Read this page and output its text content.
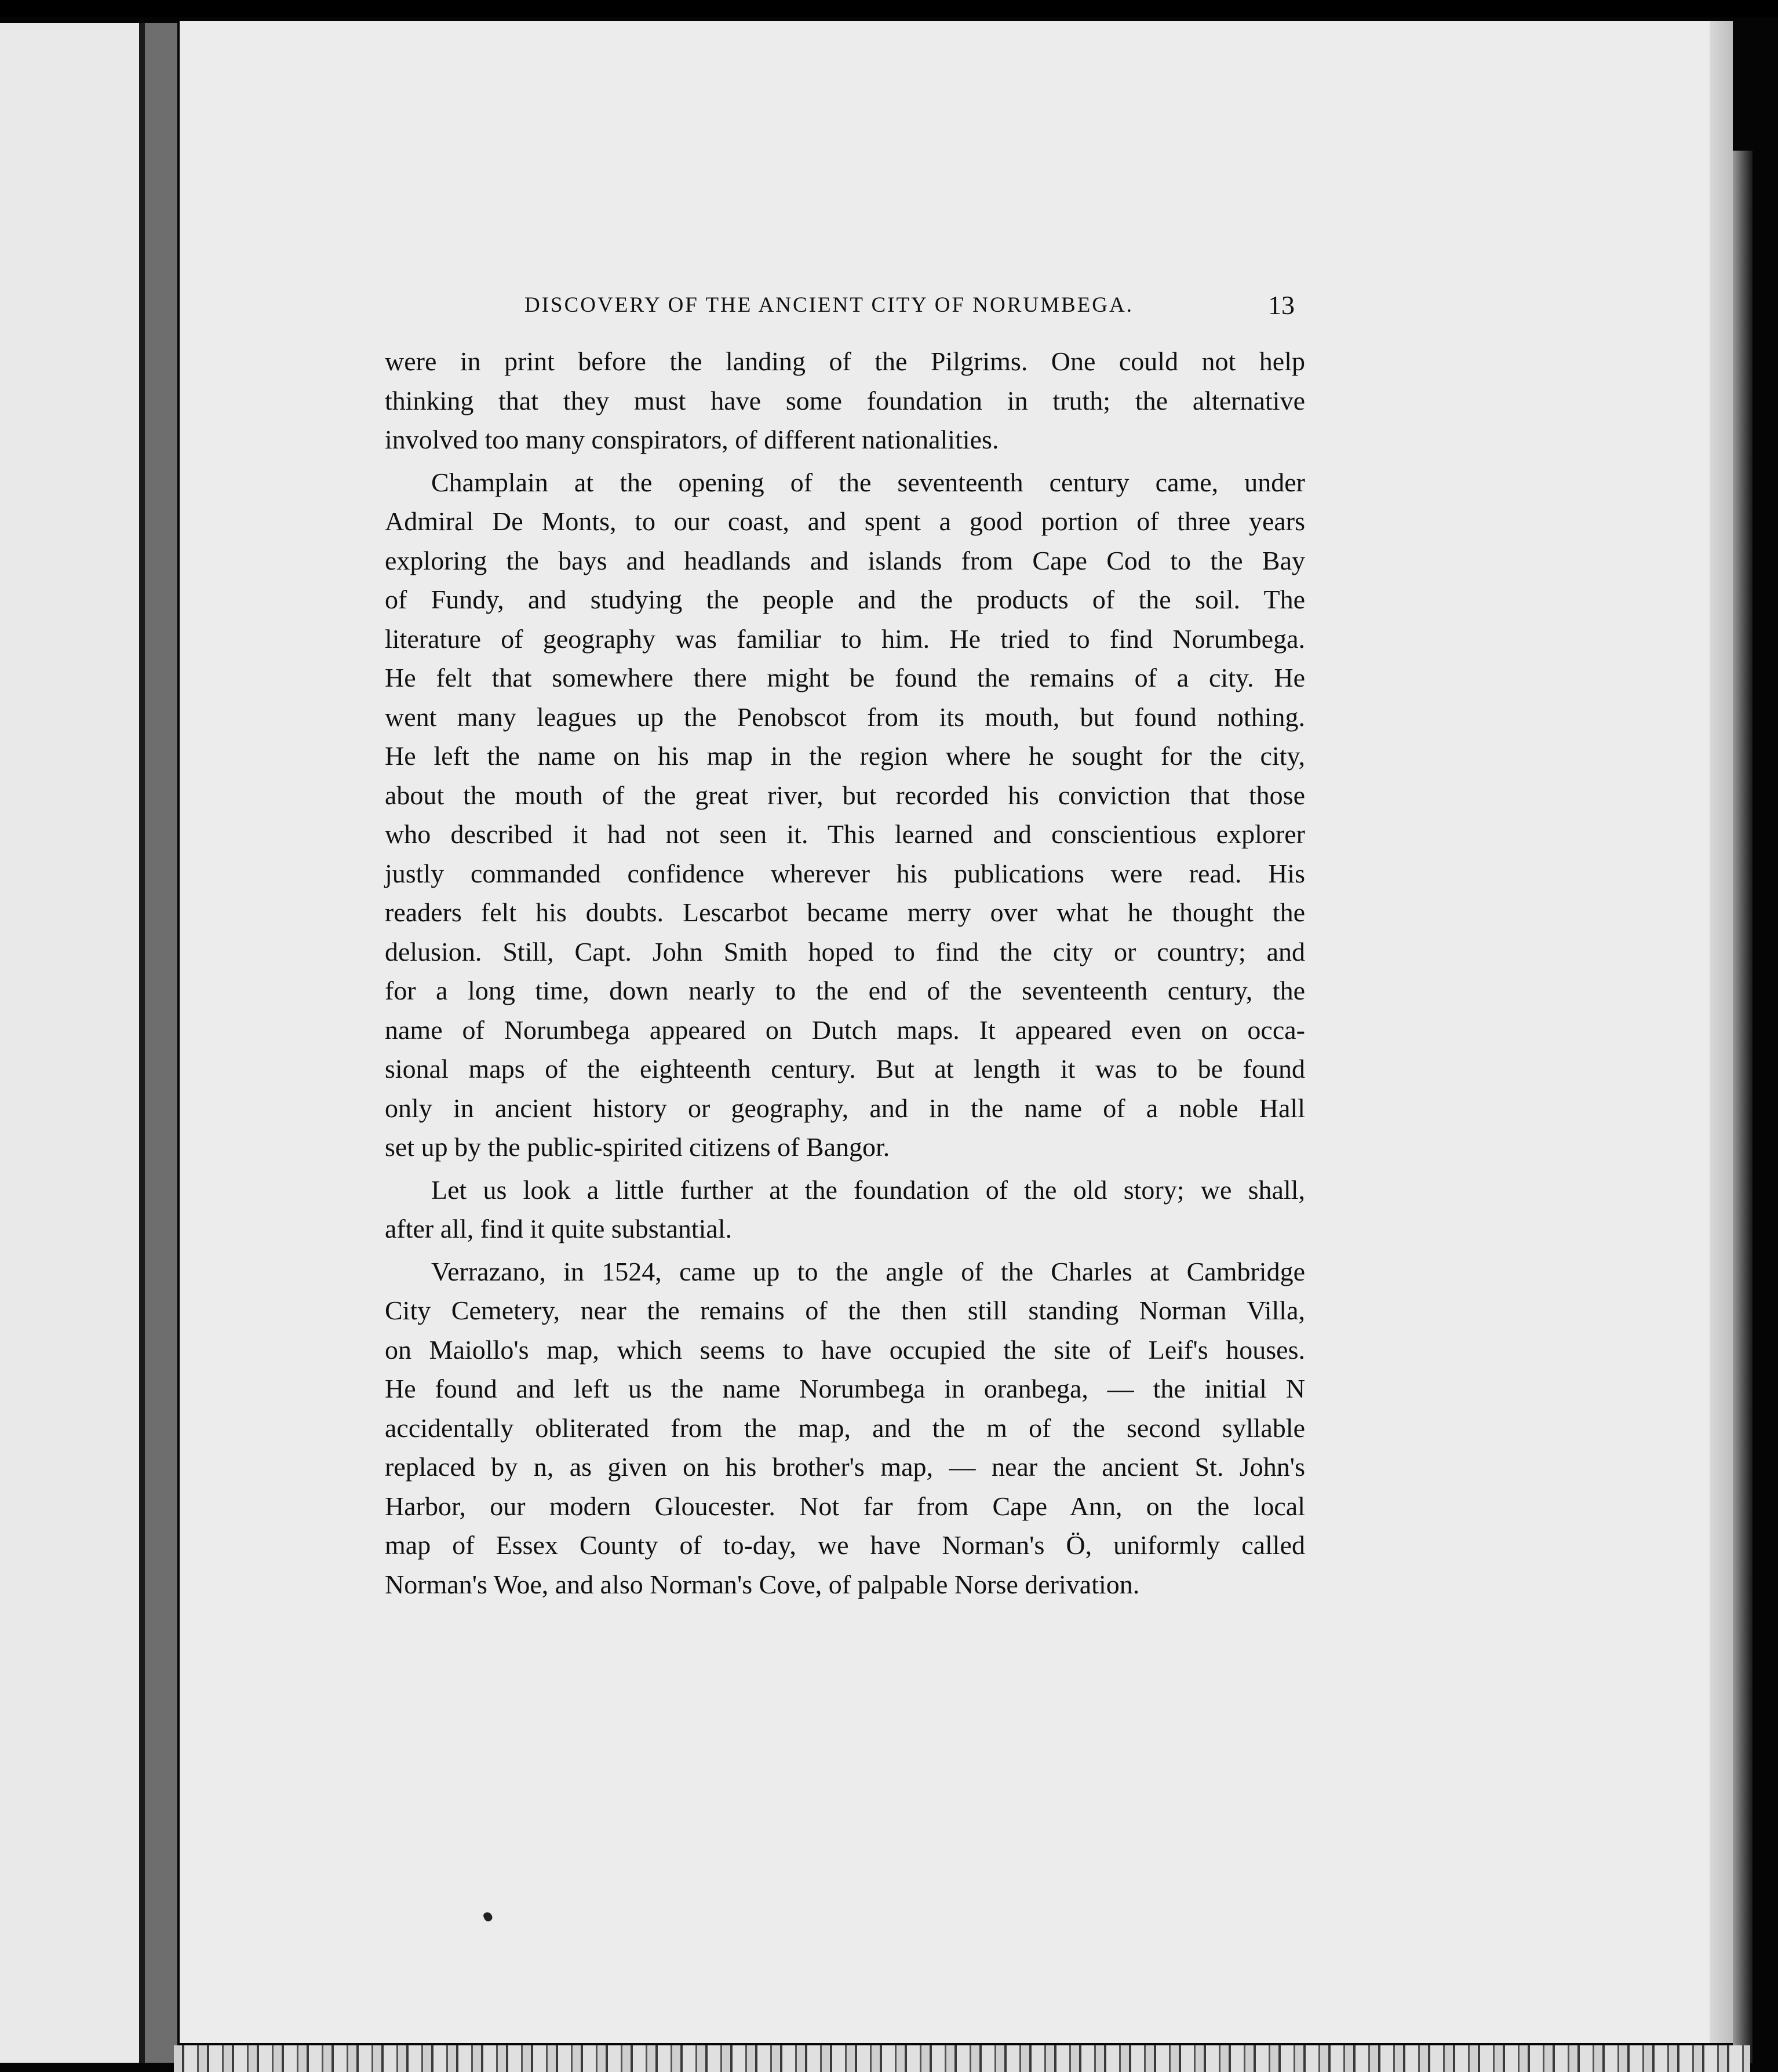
DISCOVERY OF THE ANCIENT CITY OF NORUMBEGA.	13
were in print before the landing of the Pilgrims. One could not help
thinking that they must have some foundation in truth; the alternative
involved too many conspirators, of different nationalities.
Champlain at the opening of the seventeenth century came, under
Admiral De Monts, to our coast, and spent a good portion of three years
exploring the bays and headlands and islands from Cape Cod to the Bay
of Fundy, and studying the people and the products of the soil. The
literature of geography was familiar to him. He tried to find Norumbega.
He felt that somewhere there might be found the remains of a city. He
went many leagues up the Penobscot from its mouth, but found nothing.
He left the name on his map in the region where he sought for the city,
about the mouth of the great river, but recorded his conviction that those
who described it had not seen it. This learned and conscientious explorer
justly commanded confidence wherever his publications were read. His
readers felt his doubts. Lescarbot became merry over what he thought the
delusion. Still, Capt. John Smith hoped to find the city or country; and
for a long time, down nearly to the end of the seventeenth century, the
name of Norumbega appeared on Dutch maps. It appeared even on occa-
sional maps of the eighteenth century. But at length it was to be found
only in ancient history or geography, and in the name of a noble Hall
set up by the public-spirited citizens of Bangor.
Let us look a little further at the foundation of the old story; we shall,
after all, find it quite substantial.
Verrazano, in 1524, came up to the angle of the Charles at Cambridge
City Cemetery, near the remains of the then still standing Norman Villa,
on Maiollo's map, which seems to have occupied the site of Leif's houses.
He found and left us the name Norumbega in oranbega, — the initial N
accidentally obliterated from the map, and the m of the second syllable
replaced by n, as given on his brother's map, — near the ancient St. John's
Harbor, our modern Gloucester. Not far from Cape Ann, on the local
map of Essex County of to-day, we have Norman's Ö, uniformly called
Norman's Woe, and also Norman's Cove, of palpable Norse derivation.
